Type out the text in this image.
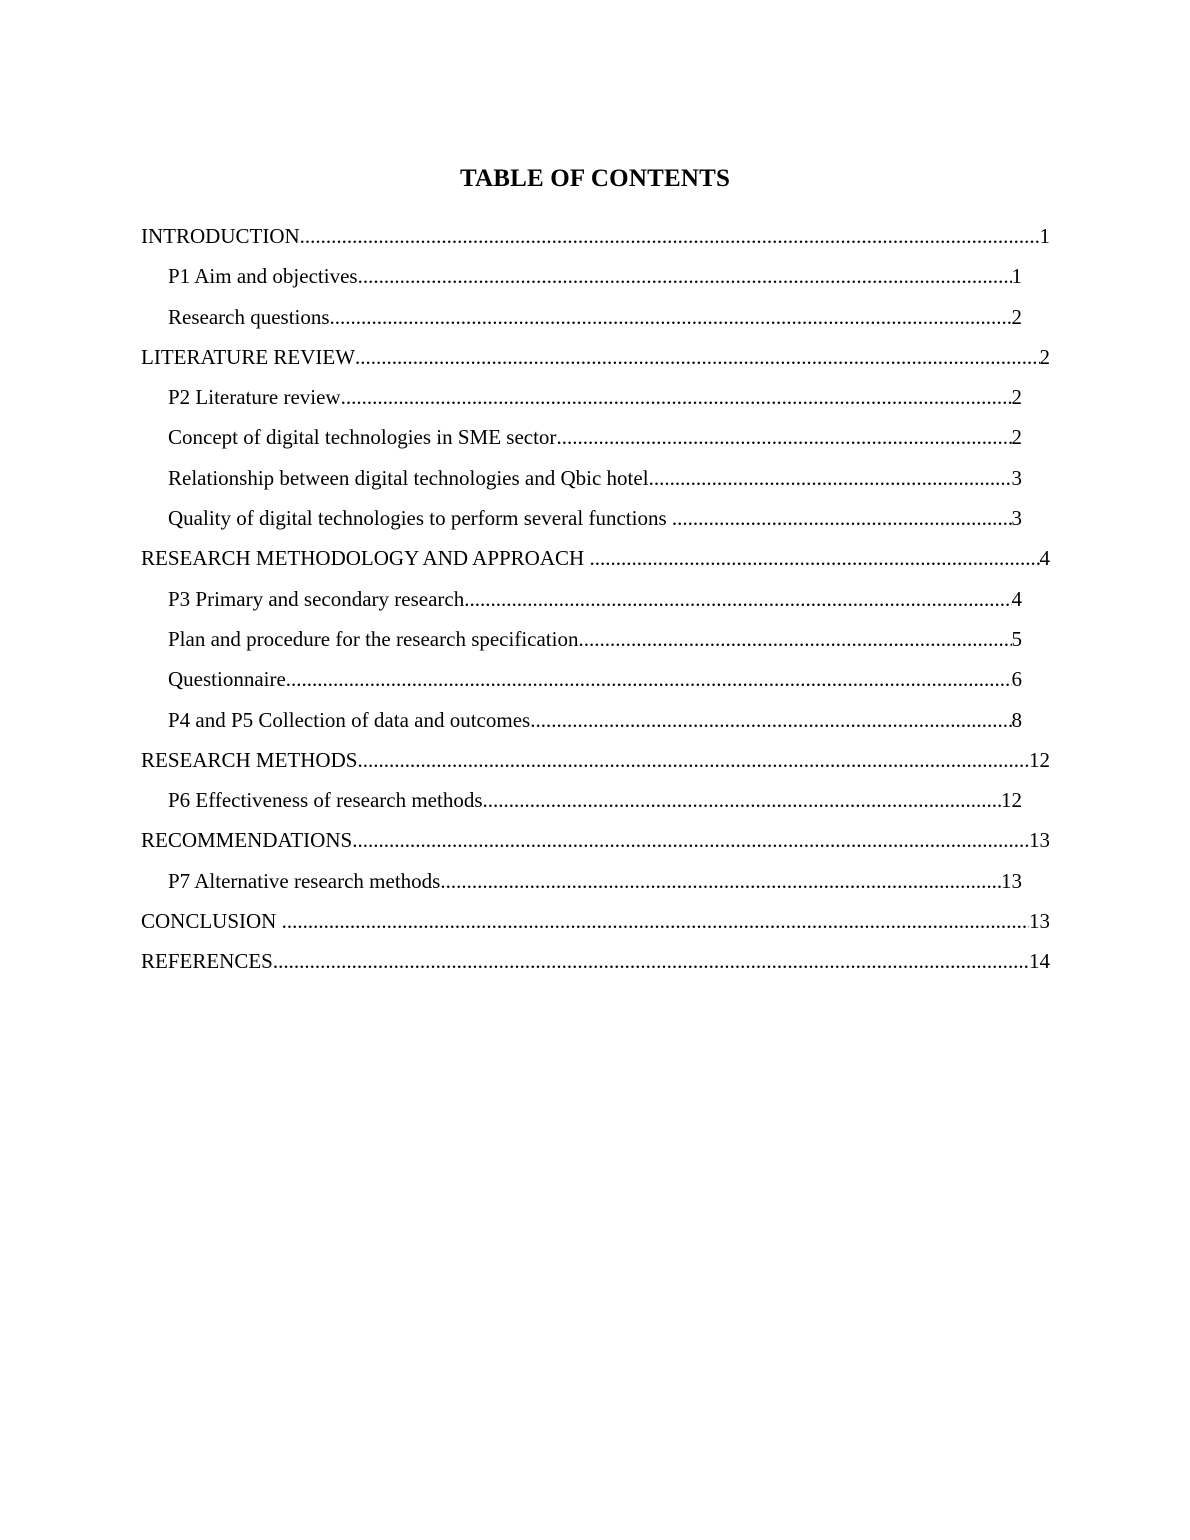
TABLE OF CONTENTS
INTRODUCTION .....	1
P1 Aim and objectives .....	1
Research questions .....	2
LITERATURE REVIEW .....	2
P2 Literature review .....	2
Concept of digital technologies in SME sector .....	2
Relationship between digital technologies and Qbic hotel .....	3
Quality of digital technologies to perform several functions .....	3
RESEARCH METHODOLOGY AND APPROACH .....	4
P3 Primary and secondary research .....	4
Plan and procedure for the research specification .....	5
Questionnaire .....	6
P4 and P5 Collection of data and outcomes .....	8
RESEARCH METHODS .....	12
P6 Effectiveness of research methods .....	12
RECOMMENDATIONS .....	13
P7 Alternative research methods .....	13
CONCLUSION .....	13
REFERENCES .....	14
